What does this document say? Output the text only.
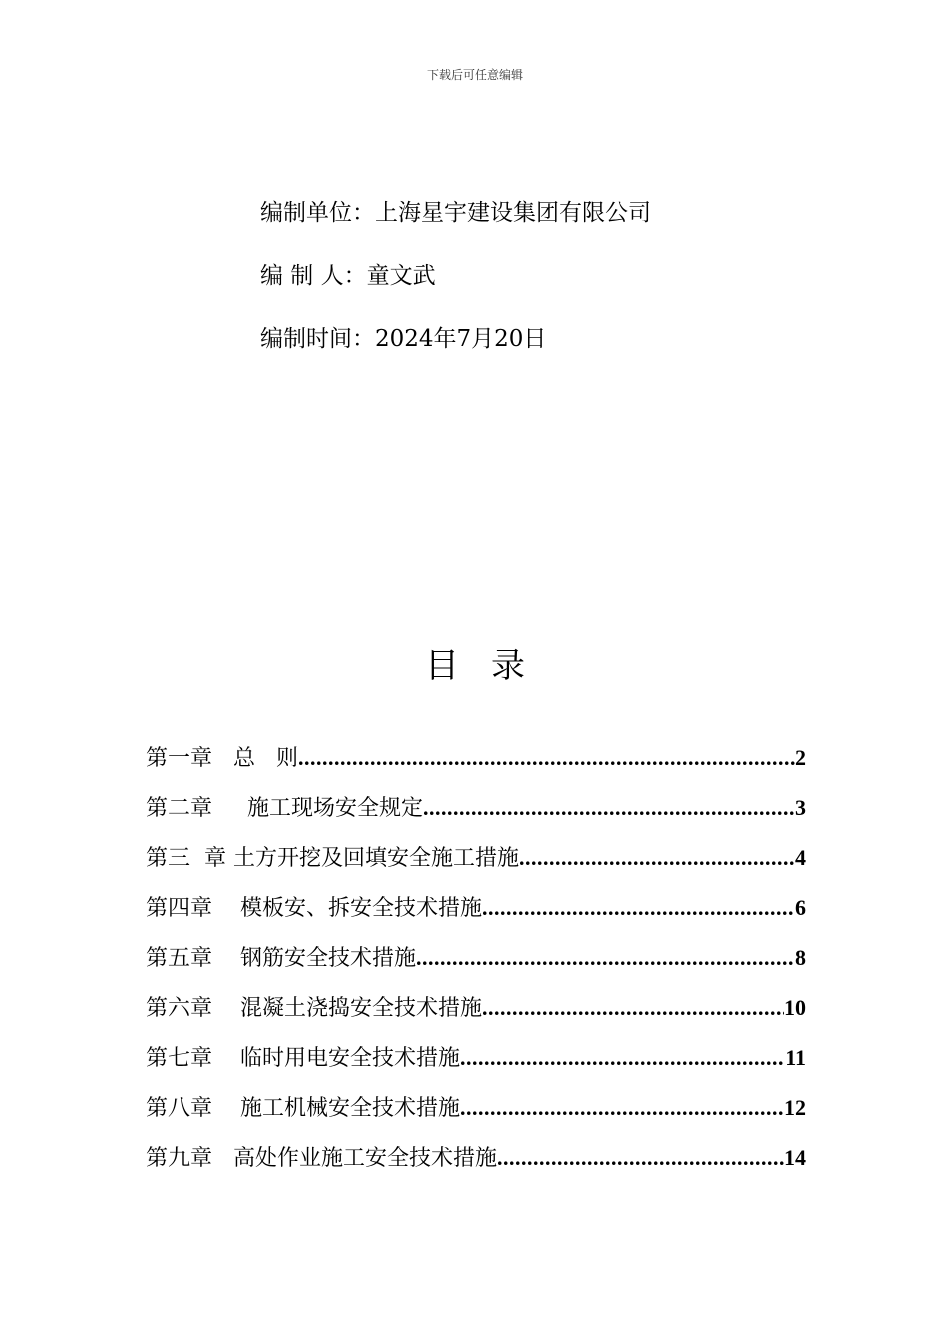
下载后可任意编辑
编制单位：上海星宇建设集团有限公司
编 制 人：童文武
编制时间：2024年7月20日
目录
第一章   总   则 .....	2
第二章     施工现场安全规定 .....	3
第三  章 土方开挖及回填安全施工措施 .....	4
第四章    模板安、拆安全技术措施 .....	6
第五章    钢筋安全技术措施 .....	8
第六章    混凝土浇捣安全技术措施 .....	10
第七章    临时用电安全技术措施 .....	11
第八章    施工机械安全技术措施 .....	12
第九章   高处作业施工安全技术措施 .....	14
